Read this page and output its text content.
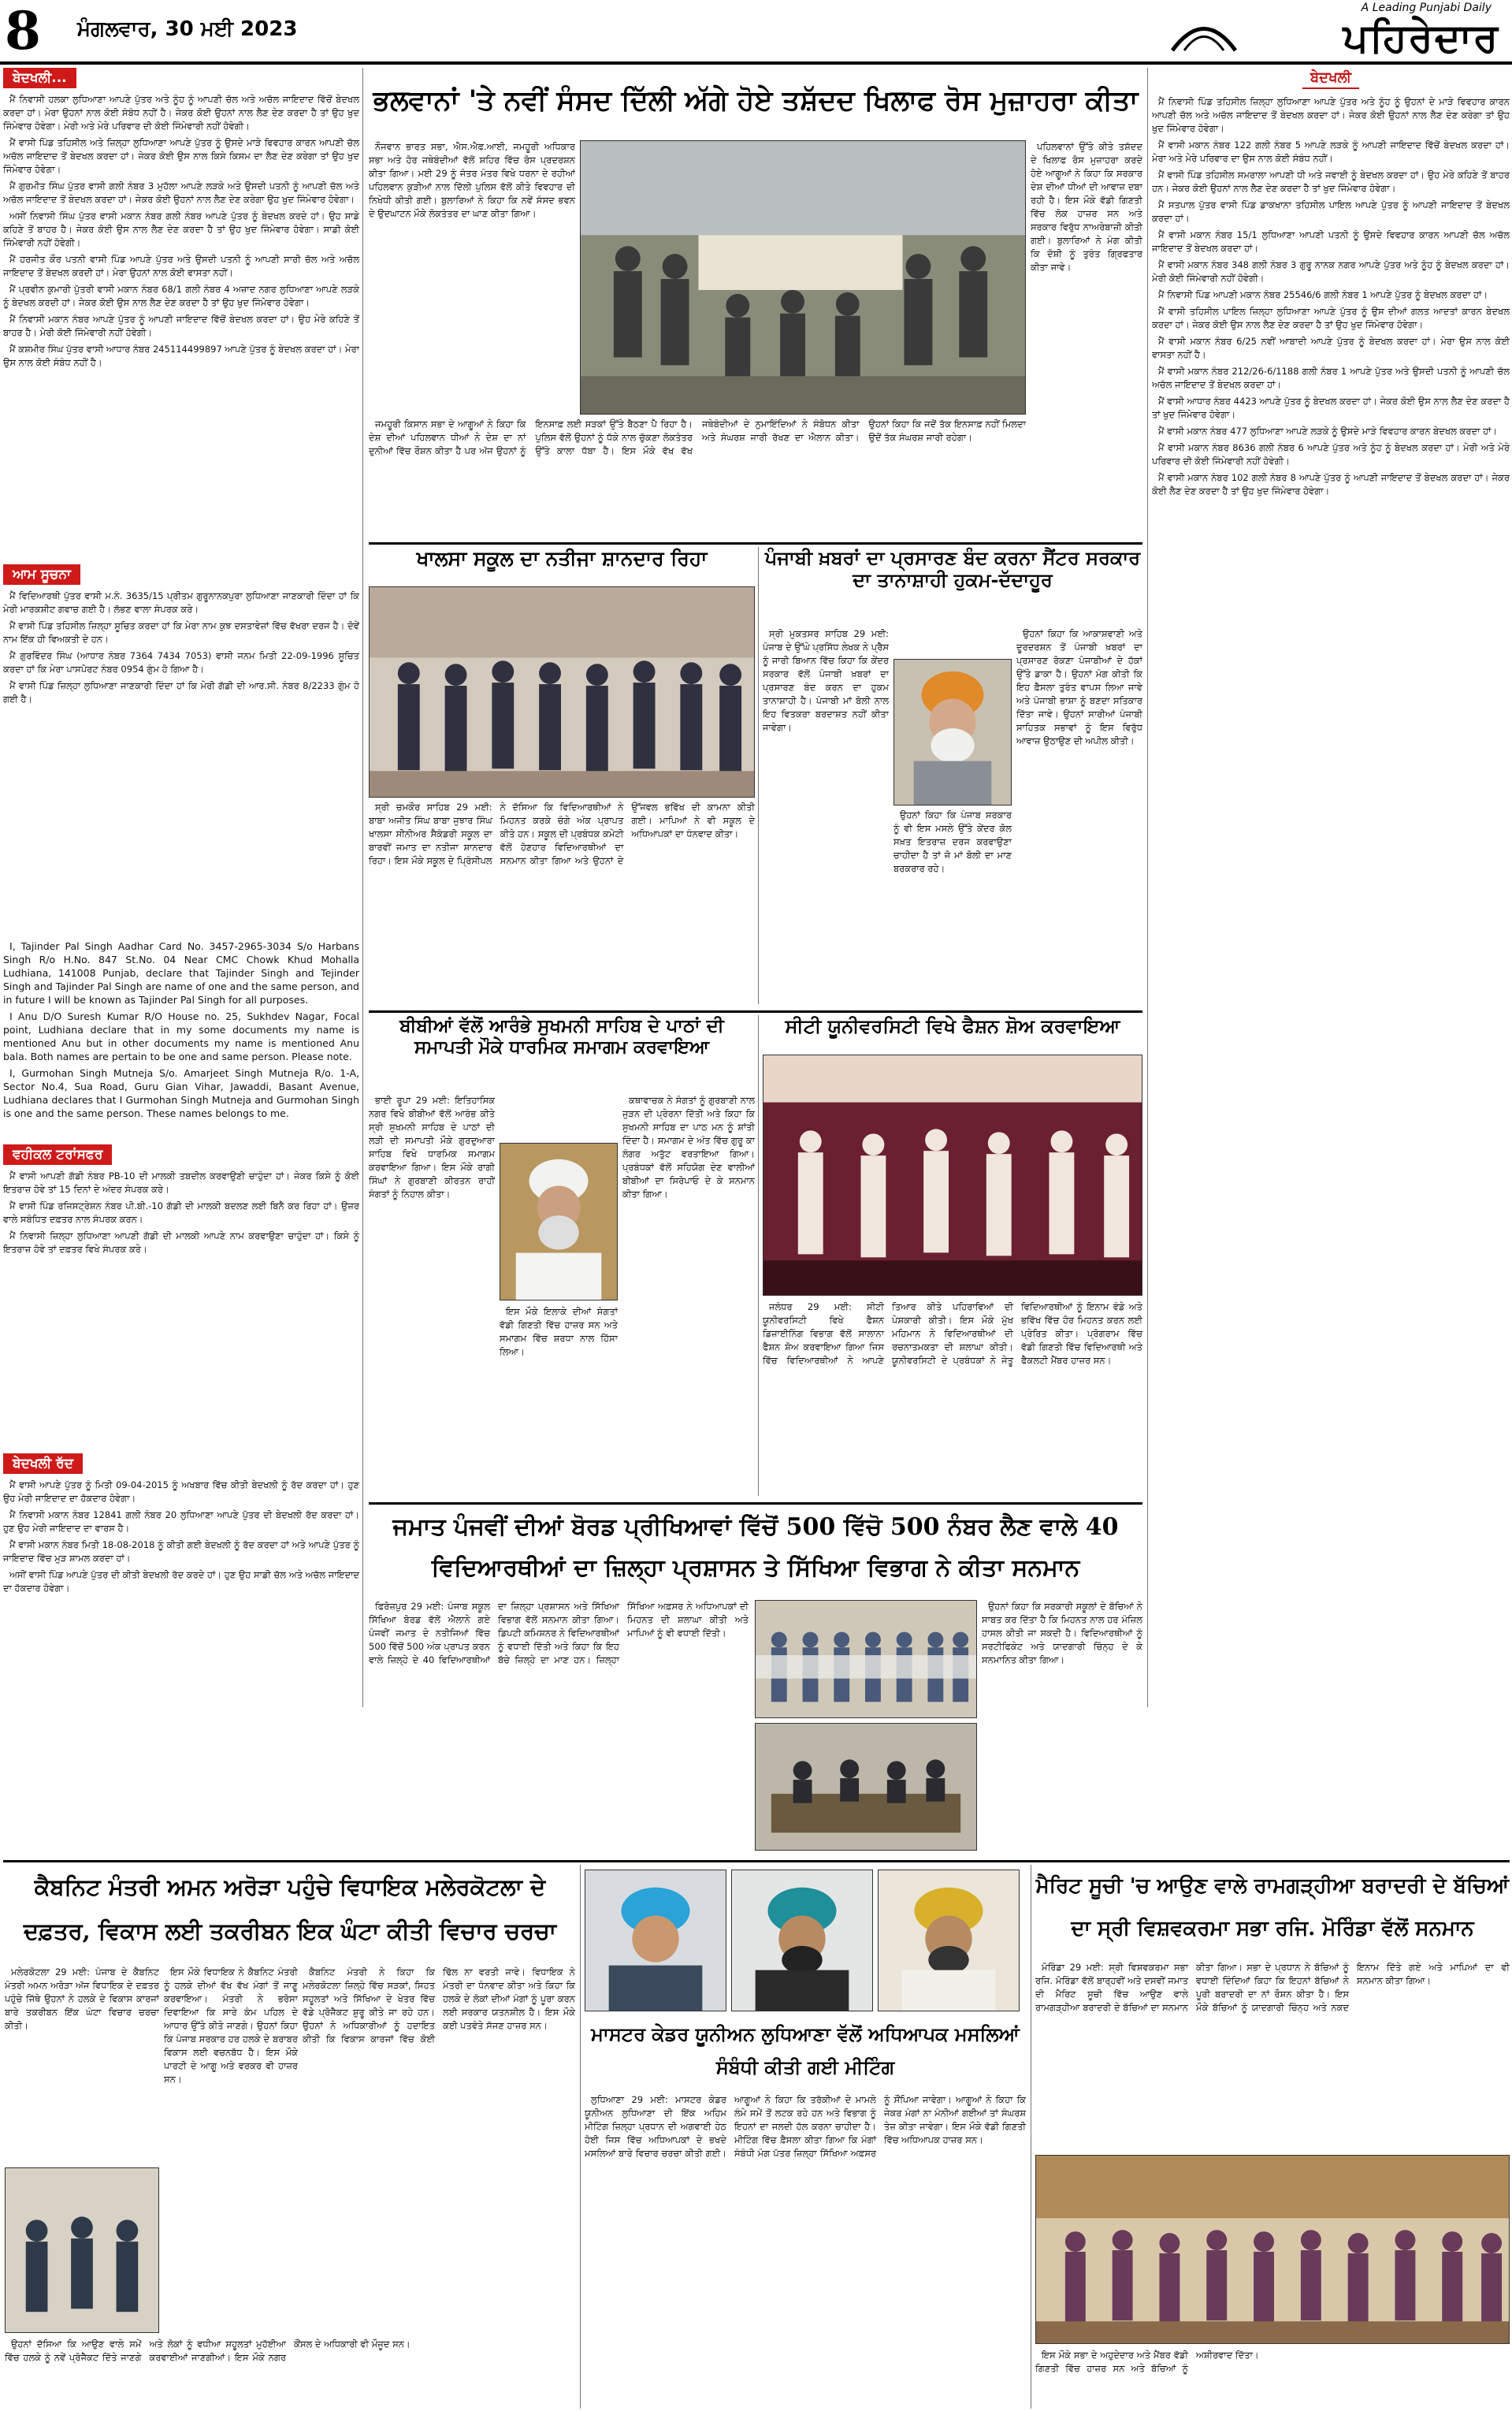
8 ਮੰਗਲਵਾਰ, 30 ਮਈ 2023
A Leading Punjabi Daily
ਪਹਿਰੇਦਾਰ
ਬੇਦਖਲੀ...

ਮੈਂ ਨਿਵਾਸੀ ਹਲਕਾ ਲੁਧਿਆਣਾ ਆਪਣੇ ਪੁੱਤਰ ਅਤੇ ਨੂੰਹ ਨੂੰ ਆਪਣੀ ਚੱਲ ਅਤੇ ਅਚੱਲ ਜਾਇਦਾਦ ਵਿੱਚੋਂ ਬੇਦਖਲ ਕਰਦਾ ਹਾਂ। ਮੇਰਾ ਉਹਨਾਂ ਨਾਲ ਕੋਈ ਸੰਬੰਧ ਨਹੀਂ ਹੈ। ਜੇਕਰ ਕੋਈ ਉਹਨਾਂ ਨਾਲ ਲੈਣ ਦੇਣ ਕਰਦਾ ਹੈ ਤਾਂ ਉਹ ਖੁਦ ਜਿੰਮੇਵਾਰ ਹੋਵੇਗਾ। ਮੇਰੀ ਅਤੇ ਮੇਰੇ ਪਰਿਵਾਰ ਦੀ ਕੋਈ ਜਿੰਮੇਵਾਰੀ ਨਹੀਂ ਹੋਵੇਗੀ।

ਮੈਂ ਵਾਸੀ ਪਿੰਡ ਤਹਿਸੀਲ ਅਤੇ ਜ਼ਿਲ੍ਹਾ ਲੁਧਿਆਣਾ ਆਪਣੇ ਪੁੱਤਰ ਨੂੰ ਉਸਦੇ ਮਾੜੇ ਵਿਵਹਾਰ ਕਾਰਨ ਆਪਣੀ ਚੱਲ ਅਚੱਲ ਜਾਇਦਾਦ ਤੋਂ ਬੇਦਖਲ ਕਰਦਾ ਹਾਂ। ਜੇਕਰ ਕੋਈ ਉਸ ਨਾਲ ਕਿਸੇ ਕਿਸਮ ਦਾ ਲੈਣ ਦੇਣ ਕਰੇਗਾ ਤਾਂ ਉਹ ਖੁਦ ਜਿੰਮੇਵਾਰ ਹੋਵੇਗਾ।

ਮੈਂ ਗੁਰਮੀਤ ਸਿੰਘ ਪੁੱਤਰ ਵਾਸੀ ਗਲੀ ਨੰਬਰ 3 ਮੁਹੱਲਾ ਆਪਣੇ ਲੜਕੇ ਅਤੇ ਉਸਦੀ ਪਤਨੀ ਨੂੰ ਆਪਣੀ ਚੱਲ ਅਤੇ ਅਚੱਲ ਜਾਇਦਾਦ ਤੋਂ ਬੇਦਖਲ ਕਰਦਾ ਹਾਂ। ਜੇਕਰ ਕੋਈ ਉਹਨਾਂ ਨਾਲ ਲੈਣ ਦੇਣ ਕਰੇਗਾ ਉਹ ਖੁਦ ਜਿੰਮੇਵਾਰ ਹੋਵੇਗਾ।

ਅਸੀਂ ਨਿਵਾਸੀ ਸਿੰਘ ਪੁੱਤਰ ਵਾਸੀ ਮਕਾਨ ਨੰਬਰ ਗਲੀ ਨੰਬਰ ਆਪਣੇ ਪੁੱਤਰ ਨੂੰ ਬੇਦਖਲ ਕਰਦੇ ਹਾਂ। ਉਹ ਸਾਡੇ ਕਹਿਣੇ ਤੋਂ ਬਾਹਰ ਹੈ। ਜੇਕਰ ਕੋਈ ਉਸ ਨਾਲ ਲੈਣ ਦੇਣ ਕਰਦਾ ਹੈ ਤਾਂ ਉਹ ਖੁਦ ਜਿੰਮੇਵਾਰ ਹੋਵੇਗਾ। ਸਾਡੀ ਕੋਈ ਜਿੰਮੇਵਾਰੀ ਨਹੀਂ ਹੋਵੇਗੀ।

ਮੈਂ ਹਰਜੀਤ ਕੌਰ ਪਤਨੀ ਵਾਸੀ ਪਿੰਡ ਆਪਣੇ ਪੁੱਤਰ ਅਤੇ ਉਸਦੀ ਪਤਨੀ ਨੂੰ ਆਪਣੀ ਸਾਰੀ ਚੱਲ ਅਤੇ ਅਚੱਲ ਜਾਇਦਾਦ ਤੋਂ ਬੇਦਖਲ ਕਰਦੀ ਹਾਂ। ਮੇਰਾ ਉਹਨਾਂ ਨਾਲ ਕੋਈ ਵਾਸਤਾ ਨਹੀਂ।

ਮੈਂ ਪ੍ਰਵੀਨ ਕੁਮਾਰੀ ਪੁੱਤਰੀ ਵਾਸੀ ਮਕਾਨ ਨੰਬਰ 68/1 ਗਲੀ ਨੰਬਰ 4 ਅਜ਼ਾਦ ਨਗਰ ਲੁਧਿਆਣਾ ਆਪਣੇ ਲੜਕੇ ਨੂੰ ਬੇਦਖਲ ਕਰਦੀ ਹਾਂ। ਜੇਕਰ ਕੋਈ ਉਸ ਨਾਲ ਲੈਣ ਦੇਣ ਕਰਦਾ ਹੈ ਤਾਂ ਉਹ ਖੁਦ ਜਿੰਮੇਵਾਰ ਹੋਵੇਗਾ।

ਮੈਂ ਨਿਵਾਸੀ ਮਕਾਨ ਨੰਬਰ ਆਪਣੇ ਪੁੱਤਰ ਨੂੰ ਆਪਣੀ ਜਾਇਦਾਦ ਵਿੱਚੋਂ ਬੇਦਖਲ ਕਰਦਾ ਹਾਂ। ਉਹ ਮੇਰੇ ਕਹਿਣੇ ਤੋਂ ਬਾਹਰ ਹੈ। ਮੇਰੀ ਕੋਈ ਜਿੰਮੇਵਾਰੀ ਨਹੀਂ ਹੋਵੇਗੀ।

ਮੈਂ ਕਸ਼ਮੀਰ ਸਿੰਘ ਪੁੱਤਰ ਵਾਸੀ ਆਧਾਰ ਨੰਬਰ 245114499897 ਆਪਣੇ ਪੁੱਤਰ ਨੂੰ ਬੇਦਖਲ ਕਰਦਾ ਹਾਂ। ਮੇਰਾ ਉਸ ਨਾਲ ਕੋਈ ਸੰਬੰਧ ਨਹੀਂ ਹੈ।

ਆਮ ਸੂਚਨਾ

ਮੈਂ ਵਿਦਿਆਰਥੀ ਪੁੱਤਰ ਵਾਸੀ ਮ.ਨੰ. 3635/15 ਪ੍ਰੀਤਮ ਗੁਰੂਨਾਨਕਪੁਰਾ ਲੁਧਿਆਣਾ ਜਾਣਕਾਰੀ ਦਿੰਦਾ ਹਾਂ ਕਿ ਮੇਰੀ ਮਾਰਕਸ਼ੀਟ ਗਵਾਚ ਗਈ ਹੈ। ਲੱਭਣ ਵਾਲਾ ਸੰਪਰਕ ਕਰੇ।

ਮੈਂ ਵਾਸੀ ਪਿੰਡ ਤਹਿਸੀਲ ਜ਼ਿਲ੍ਹਾ ਸੂਚਿਤ ਕਰਦਾ ਹਾਂ ਕਿ ਮੇਰਾ ਨਾਮ ਕੁਝ ਦਸਤਾਵੇਜ਼ਾਂ ਵਿੱਚ ਵੱਖਰਾ ਦਰਜ ਹੈ। ਦੋਵੇਂ ਨਾਮ ਇੱਕ ਹੀ ਵਿਅਕਤੀ ਦੇ ਹਨ।

ਮੈਂ ਗੁਰਵਿੰਦਰ ਸਿੰਘ (ਆਧਾਰ ਨੰਬਰ 7364 7434 7053) ਵਾਸੀ ਜਨਮ ਮਿਤੀ 22-09-1996 ਸੂਚਿਤ ਕਰਦਾ ਹਾਂ ਕਿ ਮੇਰਾ ਪਾਸਪੋਰਟ ਨੰਬਰ 0954 ਗੁੰਮ ਹੋ ਗਿਆ ਹੈ।

ਮੈਂ ਵਾਸੀ ਪਿੰਡ ਜ਼ਿਲ੍ਹਾ ਲੁਧਿਆਣਾ ਜਾਣਕਾਰੀ ਦਿੰਦਾ ਹਾਂ ਕਿ ਮੇਰੀ ਗੱਡੀ ਦੀ ਆਰ.ਸੀ. ਨੰਬਰ 8/2233 ਗੁੰਮ ਹੋ ਗਈ ਹੈ।

I, Tajinder Pal Singh Aadhar Card No. 3457-2965-3034 S/o Harbans Singh R/o H.No. 847 St.No. 04 Near CMC Chowk Khud Mohalla Ludhiana, 141008 Punjab, declare that Tajinder Singh and Tejinder Singh and Tajinder Pal Singh are name of one and the same person, and in future I will be known as Tajinder Pal Singh for all purposes.

I Anu D/O Suresh Kumar R/O House no. 25, Sukhdev Nagar, Focal point, Ludhiana declare that in my some documents my name is mentioned Anu but in other documents my name is mentioned Anu bala. Both names are pertain to be one and same person. Please note.

I, Gurmohan Singh Mutneja S/o. Amarjeet Singh Mutneja R/o. 1-A, Sector No.4, Sua Road, Guru Gian Vihar, Jawaddi, Basant Avenue, Ludhiana declares that I Gurmohan Singh Mutneja and Gurmohan Singh is one and the same person. These names belongs to me.

ਵਹੀਕਲ ਟਰਾਂਸਫਰ

ਮੈਂ ਵਾਸੀ ਆਪਣੀ ਗੱਡੀ ਨੰਬਰ PB-10 ਦੀ ਮਾਲਕੀ ਤਬਦੀਲ ਕਰਵਾਉਣੀ ਚਾਹੁੰਦਾ ਹਾਂ। ਜੇਕਰ ਕਿਸੇ ਨੂੰ ਕੋਈ ਇਤਰਾਜ਼ ਹੋਵੇ ਤਾਂ 15 ਦਿਨਾਂ ਦੇ ਅੰਦਰ ਸੰਪਰਕ ਕਰੇ।

ਮੈਂ ਵਾਸੀ ਪਿੰਡ ਰਜਿਸਟ੍ਰੇਸ਼ਨ ਨੰਬਰ ਪੀ.ਬੀ.-10 ਗੱਡੀ ਦੀ ਮਾਲਕੀ ਬਦਲਣ ਲਈ ਬਿਨੈ ਕਰ ਰਿਹਾ ਹਾਂ। ਉਜ਼ਰ ਵਾਲੇ ਸਬੰਧਿਤ ਦਫ਼ਤਰ ਨਾਲ ਸੰਪਰਕ ਕਰਨ।

ਮੈਂ ਨਿਵਾਸੀ ਜ਼ਿਲ੍ਹਾ ਲੁਧਿਆਣਾ ਆਪਣੀ ਗੱਡੀ ਦੀ ਮਾਲਕੀ ਆਪਣੇ ਨਾਮ ਕਰਵਾਉਣਾ ਚਾਹੁੰਦਾ ਹਾਂ। ਕਿਸੇ ਨੂੰ ਇਤਰਾਜ਼ ਹੋਵੇ ਤਾਂ ਦਫ਼ਤਰ ਵਿਖੇ ਸੰਪਰਕ ਕਰੇ।

ਬੇਦਖਲੀ ਰੱਦ

ਮੈਂ ਵਾਸੀ ਆਪਣੇ ਪੁੱਤਰ ਨੂੰ ਮਿਤੀ 09-04-2015 ਨੂੰ ਅਖਬਾਰ ਵਿੱਚ ਕੀਤੀ ਬੇਦਖਲੀ ਨੂੰ ਰੱਦ ਕਰਦਾ ਹਾਂ। ਹੁਣ ਉਹ ਮੇਰੀ ਜਾਇਦਾਦ ਦਾ ਹੱਕਦਾਰ ਹੋਵੇਗਾ।

ਮੈਂ ਨਿਵਾਸੀ ਮਕਾਨ ਨੰਬਰ 12841 ਗਲੀ ਨੰਬਰ 20 ਲੁਧਿਆਣਾ ਆਪਣੇ ਪੁੱਤਰ ਦੀ ਬੇਦਖਲੀ ਰੱਦ ਕਰਦਾ ਹਾਂ। ਹੁਣ ਉਹ ਮੇਰੀ ਜਾਇਦਾਦ ਦਾ ਵਾਰਸ ਹੈ।

ਮੈਂ ਵਾਸੀ ਮਕਾਨ ਨੰਬਰ ਮਿਤੀ 18-08-2018 ਨੂੰ ਕੀਤੀ ਗਈ ਬੇਦਖਲੀ ਨੂੰ ਰੱਦ ਕਰਦਾ ਹਾਂ ਅਤੇ ਆਪਣੇ ਪੁੱਤਰ ਨੂੰ ਜਾਇਦਾਦ ਵਿੱਚ ਮੁੜ ਸ਼ਾਮਲ ਕਰਦਾ ਹਾਂ।

ਅਸੀਂ ਵਾਸੀ ਪਿੰਡ ਆਪਣੇ ਪੁੱਤਰ ਦੀ ਕੀਤੀ ਬੇਦਖਲੀ ਰੱਦ ਕਰਦੇ ਹਾਂ। ਹੁਣ ਉਹ ਸਾਡੀ ਚੱਲ ਅਤੇ ਅਚੱਲ ਜਾਇਦਾਦ ਦਾ ਹੱਕਦਾਰ ਹੋਵੇਗਾ।

ਬੇਦਖਲੀ

ਮੈਂ ਨਿਵਾਸੀ ਪਿੰਡ ਤਹਿਸੀਲ ਜ਼ਿਲ੍ਹਾ ਲੁਧਿਆਣਾ ਆਪਣੇ ਪੁੱਤਰ ਅਤੇ ਨੂੰਹ ਨੂੰ ਉਹਨਾਂ ਦੇ ਮਾੜੇ ਵਿਵਹਾਰ ਕਾਰਨ ਆਪਣੀ ਚੱਲ ਅਤੇ ਅਚੱਲ ਜਾਇਦਾਦ ਤੋਂ ਬੇਦਖਲ ਕਰਦਾ ਹਾਂ। ਜੇਕਰ ਕੋਈ ਉਹਨਾਂ ਨਾਲ ਲੈਣ ਦੇਣ ਕਰੇਗਾ ਤਾਂ ਉਹ ਖੁਦ ਜਿੰਮੇਵਾਰ ਹੋਵੇਗਾ।

ਮੈਂ ਵਾਸੀ ਮਕਾਨ ਨੰਬਰ 122 ਗਲੀ ਨੰਬਰ 5 ਆਪਣੇ ਲੜਕੇ ਨੂੰ ਆਪਣੀ ਜਾਇਦਾਦ ਵਿੱਚੋਂ ਬੇਦਖਲ ਕਰਦਾ ਹਾਂ। ਮੇਰਾ ਅਤੇ ਮੇਰੇ ਪਰਿਵਾਰ ਦਾ ਉਸ ਨਾਲ ਕੋਈ ਸੰਬੰਧ ਨਹੀਂ।

ਮੈਂ ਵਾਸੀ ਪਿੰਡ ਤਹਿਸੀਲ ਸਮਰਾਲਾ ਆਪਣੀ ਧੀ ਅਤੇ ਜਵਾਈ ਨੂੰ ਬੇਦਖਲ ਕਰਦਾ ਹਾਂ। ਉਹ ਮੇਰੇ ਕਹਿਣੇ ਤੋਂ ਬਾਹਰ ਹਨ। ਜੇਕਰ ਕੋਈ ਉਹਨਾਂ ਨਾਲ ਲੈਣ ਦੇਣ ਕਰਦਾ ਹੈ ਤਾਂ ਖੁਦ ਜਿੰਮੇਵਾਰ ਹੋਵੇਗਾ।

ਮੈਂ ਸਤਪਾਲ ਪੁੱਤਰ ਵਾਸੀ ਪਿੰਡ ਡਾਕਖਾਨਾ ਤਹਿਸੀਲ ਪਾਇਲ ਆਪਣੇ ਪੁੱਤਰ ਨੂੰ ਆਪਣੀ ਜਾਇਦਾਦ ਤੋਂ ਬੇਦਖਲ ਕਰਦਾ ਹਾਂ।

ਮੈਂ ਵਾਸੀ ਮਕਾਨ ਨੰਬਰ 15/1 ਲੁਧਿਆਣਾ ਆਪਣੀ ਪਤਨੀ ਨੂੰ ਉਸਦੇ ਵਿਵਹਾਰ ਕਾਰਨ ਆਪਣੀ ਚੱਲ ਅਚੱਲ ਜਾਇਦਾਦ ਤੋਂ ਬੇਦਖਲ ਕਰਦਾ ਹਾਂ।

ਮੈਂ ਵਾਸੀ ਮਕਾਨ ਨੰਬਰ 348 ਗਲੀ ਨੰਬਰ 3 ਗੁਰੂ ਨਾਨਕ ਨਗਰ ਆਪਣੇ ਪੁੱਤਰ ਅਤੇ ਨੂੰਹ ਨੂੰ ਬੇਦਖਲ ਕਰਦਾ ਹਾਂ। ਮੇਰੀ ਕੋਈ ਜਿੰਮੇਵਾਰੀ ਨਹੀਂ ਹੋਵੇਗੀ।

ਮੈਂ ਨਿਵਾਸੀ ਪਿੰਡ ਆਪਣੀ ਮਕਾਨ ਨੰਬਰ 25546/6 ਗਲੀ ਨੰਬਰ 1 ਆਪਣੇ ਪੁੱਤਰ ਨੂੰ ਬੇਦਖਲ ਕਰਦਾ ਹਾਂ।

ਮੈਂ ਵਾਸੀ ਤਹਿਸੀਲ ਪਾਇਲ ਜ਼ਿਲ੍ਹਾ ਲੁਧਿਆਣਾ ਆਪਣੇ ਪੁੱਤਰ ਨੂੰ ਉਸ ਦੀਆਂ ਗਲਤ ਆਦਤਾਂ ਕਾਰਨ ਬੇਦਖਲ ਕਰਦਾ ਹਾਂ। ਜੇਕਰ ਕੋਈ ਉਸ ਨਾਲ ਲੈਣ ਦੇਣ ਕਰਦਾ ਹੈ ਤਾਂ ਉਹ ਖੁਦ ਜਿੰਮੇਵਾਰ ਹੋਵੇਗਾ।

ਮੈਂ ਵਾਸੀ ਮਕਾਨ ਨੰਬਰ 6/25 ਨਵੀਂ ਆਬਾਦੀ ਆਪਣੇ ਪੁੱਤਰ ਨੂੰ ਬੇਦਖਲ ਕਰਦਾ ਹਾਂ। ਮੇਰਾ ਉਸ ਨਾਲ ਕੋਈ ਵਾਸਤਾ ਨਹੀਂ ਹੈ।

ਮੈਂ ਵਾਸੀ ਮਕਾਨ ਨੰਬਰ 212/26-6/1188 ਗਲੀ ਨੰਬਰ 1 ਆਪਣੇ ਪੁੱਤਰ ਅਤੇ ਉਸਦੀ ਪਤਨੀ ਨੂੰ ਆਪਣੀ ਚੱਲ ਅਚੱਲ ਜਾਇਦਾਦ ਤੋਂ ਬੇਦਖਲ ਕਰਦਾ ਹਾਂ।

ਮੈਂ ਵਾਸੀ ਆਧਾਰ ਨੰਬਰ 4423 ਆਪਣੇ ਪੁੱਤਰ ਨੂੰ ਬੇਦਖਲ ਕਰਦਾ ਹਾਂ। ਜੇਕਰ ਕੋਈ ਉਸ ਨਾਲ ਲੈਣ ਦੇਣ ਕਰਦਾ ਹੈ ਤਾਂ ਖੁਦ ਜਿੰਮੇਵਾਰ ਹੋਵੇਗਾ।

ਮੈਂ ਵਾਸੀ ਮਕਾਨ ਨੰਬਰ 477 ਲੁਧਿਆਣਾ ਆਪਣੇ ਲੜਕੇ ਨੂੰ ਉਸਦੇ ਮਾੜੇ ਵਿਵਹਾਰ ਕਾਰਨ ਬੇਦਖਲ ਕਰਦਾ ਹਾਂ।

ਮੈਂ ਵਾਸੀ ਮਕਾਨ ਨੰਬਰ 8636 ਗਲੀ ਨੰਬਰ 6 ਆਪਣੇ ਪੁੱਤਰ ਅਤੇ ਨੂੰਹ ਨੂੰ ਬੇਦਖਲ ਕਰਦਾ ਹਾਂ। ਮੇਰੀ ਅਤੇ ਮੇਰੇ ਪਰਿਵਾਰ ਦੀ ਕੋਈ ਜਿੰਮੇਵਾਰੀ ਨਹੀਂ ਹੋਵੇਗੀ।

ਮੈਂ ਵਾਸੀ ਮਕਾਨ ਨੰਬਰ 102 ਗਲੀ ਨੰਬਰ 8 ਆਪਣੇ ਪੁੱਤਰ ਨੂੰ ਆਪਣੀ ਜਾਇਦਾਦ ਤੋਂ ਬੇਦਖਲ ਕਰਦਾ ਹਾਂ। ਜੇਕਰ ਕੋਈ ਲੈਣ ਦੇਣ ਕਰਦਾ ਹੈ ਤਾਂ ਉਹ ਖੁਦ ਜਿੰਮੇਵਾਰ ਹੋਵੇਗਾ।

ਭਲਵਾਨਾਂ 'ਤੇ ਨਵੀਂ ਸੰਸਦ ਦਿੱਲੀ ਅੱਗੇ ਹੋਏ ਤਸ਼ੱਦਦ ਖਿਲਾਫ ਰੋਸ ਮੁਜ਼ਾਹਰਾ ਕੀਤਾ

ਨੌਜਵਾਨ ਭਾਰਤ ਸਭਾ, ਐਸ.ਐਫ.ਆਈ, ਜਮਹੂਰੀ ਅਧਿਕਾਰ ਸਭਾ ਅਤੇ ਹੋਰ ਜਥੇਬੰਦੀਆਂ ਵੱਲੋਂ ਸ਼ਹਿਰ ਵਿੱਚ ਰੋਸ ਪ੍ਰਦਰਸ਼ਨ ਕੀਤਾ ਗਿਆ। ਮਈ 29 ਨੂੰ ਜੰਤਰ ਮੰਤਰ ਵਿਖੇ ਧਰਨਾ ਦੇ ਰਹੀਆਂ ਪਹਿਲਵਾਨ ਕੁੜੀਆਂ ਨਾਲ ਦਿੱਲੀ ਪੁਲਿਸ ਵੱਲੋਂ ਕੀਤੇ ਵਿਵਹਾਰ ਦੀ ਨਿਖੇਧੀ ਕੀਤੀ ਗਈ। ਬੁਲਾਰਿਆਂ ਨੇ ਕਿਹਾ ਕਿ ਨਵੇਂ ਸੰਸਦ ਭਵਨ ਦੇ ਉਦਘਾਟਨ ਮੌਕੇ ਲੋਕਤੰਤਰ ਦਾ ਘਾਣ ਕੀਤਾ ਗਿਆ।

ਪਹਿਲਵਾਨਾਂ ਉੱਤੇ ਕੀਤੇ ਤਸ਼ੱਦਦ ਦੇ ਖਿਲਾਫ ਰੋਸ ਮੁਜ਼ਾਹਰਾ ਕਰਦੇ ਹੋਏ ਆਗੂਆਂ ਨੇ ਕਿਹਾ ਕਿ ਸਰਕਾਰ ਦੇਸ਼ ਦੀਆਂ ਧੀਆਂ ਦੀ ਆਵਾਜ਼ ਦਬਾ ਰਹੀ ਹੈ। ਇਸ ਮੌਕੇ ਵੱਡੀ ਗਿਣਤੀ ਵਿੱਚ ਲੋਕ ਹਾਜ਼ਰ ਸਨ ਅਤੇ ਸਰਕਾਰ ਵਿਰੁੱਧ ਨਾਅਰੇਬਾਜ਼ੀ ਕੀਤੀ ਗਈ। ਬੁਲਾਰਿਆਂ ਨੇ ਮੰਗ ਕੀਤੀ ਕਿ ਦੋਸ਼ੀ ਨੂੰ ਤੁਰੰਤ ਗ੍ਰਿਫਤਾਰ ਕੀਤਾ ਜਾਵੇ।

ਜਮਹੂਰੀ ਕਿਸਾਨ ਸਭਾ ਦੇ ਆਗੂਆਂ ਨੇ ਕਿਹਾ ਕਿ ਦੇਸ਼ ਦੀਆਂ ਪਹਿਲਵਾਨ ਧੀਆਂ ਨੇ ਦੇਸ਼ ਦਾ ਨਾਂ ਦੁਨੀਆਂ ਵਿੱਚ ਰੌਸ਼ਨ ਕੀਤਾ ਹੈ ਪਰ ਅੱਜ ਉਹਨਾਂ ਨੂੰ ਇਨਸਾਫ਼ ਲਈ ਸੜਕਾਂ ਉੱਤੇ ਬੈਠਣਾ ਪੈ ਰਿਹਾ ਹੈ। ਪੁਲਿਸ ਵੱਲੋਂ ਉਹਨਾਂ ਨੂੰ ਧੱਕੇ ਨਾਲ ਚੁੱਕਣਾ ਲੋਕਤੰਤਰ ਉੱਤੇ ਕਾਲਾ ਧੱਬਾ ਹੈ। ਇਸ ਮੌਕੇ ਵੱਖ ਵੱਖ ਜਥੇਬੰਦੀਆਂ ਦੇ ਨੁਮਾਇੰਦਿਆਂ ਨੇ ਸੰਬੋਧਨ ਕੀਤਾ ਅਤੇ ਸੰਘਰਸ਼ ਜਾਰੀ ਰੱਖਣ ਦਾ ਐਲਾਨ ਕੀਤਾ। ਉਹਨਾਂ ਕਿਹਾ ਕਿ ਜਦੋਂ ਤੱਕ ਇਨਸਾਫ਼ ਨਹੀਂ ਮਿਲਦਾ ਉਦੋਂ ਤੱਕ ਸੰਘਰਸ਼ ਜਾਰੀ ਰਹੇਗਾ।

ਖਾਲਸਾ ਸਕੂਲ ਦਾ ਨਤੀਜਾ ਸ਼ਾਨਦਾਰ ਰਿਹਾ

ਸ੍ਰੀ ਚਮਕੌਰ ਸਾਹਿਬ 29 ਮਈ: ਬਾਬਾ ਅਜੀਤ ਸਿੰਘ ਬਾਬਾ ਜੁਝਾਰ ਸਿੰਘ ਖਾਲਸਾ ਸੀਨੀਅਰ ਸੈਕੰਡਰੀ ਸਕੂਲ ਦਾ ਬਾਰਵੀਂ ਜਮਾਤ ਦਾ ਨਤੀਜਾ ਸ਼ਾਨਦਾਰ ਰਿਹਾ। ਇਸ ਮੌਕੇ ਸਕੂਲ ਦੇ ਪ੍ਰਿੰਸੀਪਲ ਨੇ ਦੱਸਿਆ ਕਿ ਵਿਦਿਆਰਥੀਆਂ ਨੇ ਮਿਹਨਤ ਕਰਕੇ ਚੰਗੇ ਅੰਕ ਪ੍ਰਾਪਤ ਕੀਤੇ ਹਨ। ਸਕੂਲ ਦੀ ਪ੍ਰਬੰਧਕ ਕਮੇਟੀ ਵੱਲੋਂ ਹੋਣਹਾਰ ਵਿਦਿਆਰਥੀਆਂ ਦਾ ਸਨਮਾਨ ਕੀਤਾ ਗਿਆ ਅਤੇ ਉਹਨਾਂ ਦੇ ਉੱਜਵਲ ਭਵਿੱਖ ਦੀ ਕਾਮਨਾ ਕੀਤੀ ਗਈ। ਮਾਪਿਆਂ ਨੇ ਵੀ ਸਕੂਲ ਦੇ ਅਧਿਆਪਕਾਂ ਦਾ ਧੰਨਵਾਦ ਕੀਤਾ।

ਪੰਜਾਬੀ ਖ਼ਬਰਾਂ ਦਾ ਪ੍ਰਸਾਰਣ ਬੰਦ ਕਰਨਾ ਸੈਂਟਰ ਸਰਕਾਰ ਦਾ ਤਾਨਾਸ਼ਾਹੀ ਹੁਕਮ-ਦੱਦਾਹੂਰ

ਸ੍ਰੀ ਮੁਕਤਸਰ ਸਾਹਿਬ 29 ਮਈ: ਪੰਜਾਬ ਦੇ ਉੱਘੇ ਪ੍ਰਸਿੱਧ ਲੇਖਕ ਨੇ ਪ੍ਰੈਸ ਨੂੰ ਜਾਰੀ ਬਿਆਨ ਵਿੱਚ ਕਿਹਾ ਕਿ ਕੇਂਦਰ ਸਰਕਾਰ ਵੱਲੋਂ ਪੰਜਾਬੀ ਖ਼ਬਰਾਂ ਦਾ ਪ੍ਰਸਾਰਣ ਬੰਦ ਕਰਨ ਦਾ ਹੁਕਮ ਤਾਨਾਸ਼ਾਹੀ ਹੈ। ਪੰਜਾਬੀ ਮਾਂ ਬੋਲੀ ਨਾਲ ਇਹ ਵਿਤਕਰਾ ਬਰਦਾਸ਼ਤ ਨਹੀਂ ਕੀਤਾ ਜਾਵੇਗਾ।

ਉਹਨਾਂ ਕਿਹਾ ਕਿ ਆਕਾਸ਼ਵਾਣੀ ਅਤੇ ਦੂਰਦਰਸ਼ਨ ਤੋਂ ਪੰਜਾਬੀ ਖ਼ਬਰਾਂ ਦਾ ਪ੍ਰਸਾਰਣ ਰੋਕਣਾ ਪੰਜਾਬੀਆਂ ਦੇ ਹੱਕਾਂ ਉੱਤੇ ਡਾਕਾ ਹੈ। ਉਹਨਾਂ ਮੰਗ ਕੀਤੀ ਕਿ ਇਹ ਫ਼ੈਸਲਾ ਤੁਰੰਤ ਵਾਪਸ ਲਿਆ ਜਾਵੇ ਅਤੇ ਪੰਜਾਬੀ ਭਾਸ਼ਾ ਨੂੰ ਬਣਦਾ ਸਤਿਕਾਰ ਦਿੱਤਾ ਜਾਵੇ। ਉਹਨਾਂ ਸਾਰੀਆਂ ਪੰਜਾਬੀ ਸਾਹਿਤਕ ਸਭਾਵਾਂ ਨੂੰ ਇਸ ਵਿਰੁੱਧ ਆਵਾਜ਼ ਉਠਾਉਣ ਦੀ ਅਪੀਲ ਕੀਤੀ।

ਉਹਨਾਂ ਕਿਹਾ ਕਿ ਪੰਜਾਬ ਸਰਕਾਰ ਨੂੰ ਵੀ ਇਸ ਮਸਲੇ ਉੱਤੇ ਕੇਂਦਰ ਕੋਲ ਸਖ਼ਤ ਇਤਰਾਜ਼ ਦਰਜ ਕਰਵਾਉਣਾ ਚਾਹੀਦਾ ਹੈ ਤਾਂ ਜੋ ਮਾਂ ਬੋਲੀ ਦਾ ਮਾਣ ਬਰਕਰਾਰ ਰਹੇ।

ਬੀਬੀਆਂ ਵੱਲੋਂ ਆਰੰਭੇ ਸੁਖਮਨੀ ਸਾਹਿਬ ਦੇ ਪਾਠਾਂ ਦੀ ਸਮਾਪਤੀ ਮੌਕੇ ਧਾਰਮਿਕ ਸਮਾਗਮ ਕਰਵਾਇਆ

ਭਾਈ ਰੂਪਾ 29 ਮਈ: ਇਤਿਹਾਸਿਕ ਨਗਰ ਵਿਖੇ ਬੀਬੀਆਂ ਵੱਲੋਂ ਆਰੰਭ ਕੀਤੇ ਸ੍ਰੀ ਸੁਖਮਨੀ ਸਾਹਿਬ ਦੇ ਪਾਠਾਂ ਦੀ ਲੜੀ ਦੀ ਸਮਾਪਤੀ ਮੌਕੇ ਗੁਰਦੁਆਰਾ ਸਾਹਿਬ ਵਿਖੇ ਧਾਰਮਿਕ ਸਮਾਗਮ ਕਰਵਾਇਆ ਗਿਆ। ਇਸ ਮੌਕੇ ਰਾਗੀ ਸਿੰਘਾਂ ਨੇ ਗੁਰਬਾਣੀ ਕੀਰਤਨ ਰਾਹੀਂ ਸੰਗਤਾਂ ਨੂੰ ਨਿਹਾਲ ਕੀਤਾ।

ਕਥਾਵਾਚਕ ਨੇ ਸੰਗਤਾਂ ਨੂੰ ਗੁਰਬਾਣੀ ਨਾਲ ਜੁੜਨ ਦੀ ਪ੍ਰੇਰਨਾ ਦਿੱਤੀ ਅਤੇ ਕਿਹਾ ਕਿ ਸੁਖਮਨੀ ਸਾਹਿਬ ਦਾ ਪਾਠ ਮਨ ਨੂੰ ਸ਼ਾਂਤੀ ਦਿੰਦਾ ਹੈ। ਸਮਾਗਮ ਦੇ ਅੰਤ ਵਿੱਚ ਗੁਰੂ ਕਾ ਲੰਗਰ ਅਤੁੱਟ ਵਰਤਾਇਆ ਗਿਆ। ਪ੍ਰਬੰਧਕਾਂ ਵੱਲੋਂ ਸਹਿਯੋਗ ਦੇਣ ਵਾਲੀਆਂ ਬੀਬੀਆਂ ਦਾ ਸਿਰੋਪਾਓ ਦੇ ਕੇ ਸਨਮਾਨ ਕੀਤਾ ਗਿਆ।

ਇਸ ਮੌਕੇ ਇਲਾਕੇ ਦੀਆਂ ਸੰਗਤਾਂ ਵੱਡੀ ਗਿਣਤੀ ਵਿੱਚ ਹਾਜ਼ਰ ਸਨ ਅਤੇ ਸਮਾਗਮ ਵਿੱਚ ਸ਼ਰਧਾ ਨਾਲ ਹਿੱਸਾ ਲਿਆ।

ਸੀਟੀ ਯੂਨੀਵਰਸਿਟੀ ਵਿਖੇ ਫੈਸ਼ਨ ਸ਼ੋਅ ਕਰਵਾਇਆ

ਜਲੰਧਰ 29 ਮਈ: ਸੀਟੀ ਯੂਨੀਵਰਸਿਟੀ ਵਿਖੇ ਫੈਸ਼ਨ ਡਿਜ਼ਾਈਨਿੰਗ ਵਿਭਾਗ ਵੱਲੋਂ ਸਾਲਾਨਾ ਫੈਸ਼ਨ ਸ਼ੋਅ ਕਰਵਾਇਆ ਗਿਆ ਜਿਸ ਵਿੱਚ ਵਿਦਿਆਰਥੀਆਂ ਨੇ ਆਪਣੇ ਤਿਆਰ ਕੀਤੇ ਪਹਿਰਾਵਿਆਂ ਦੀ ਪੇਸ਼ਕਾਰੀ ਕੀਤੀ। ਇਸ ਮੌਕੇ ਮੁੱਖ ਮਹਿਮਾਨ ਨੇ ਵਿਦਿਆਰਥੀਆਂ ਦੀ ਰਚਨਾਤਮਕਤਾ ਦੀ ਸ਼ਲਾਘਾ ਕੀਤੀ। ਯੂਨੀਵਰਸਿਟੀ ਦੇ ਪ੍ਰਬੰਧਕਾਂ ਨੇ ਜੇਤੂ ਵਿਦਿਆਰਥੀਆਂ ਨੂੰ ਇਨਾਮ ਵੰਡੇ ਅਤੇ ਭਵਿੱਖ ਵਿੱਚ ਹੋਰ ਮਿਹਨਤ ਕਰਨ ਲਈ ਪ੍ਰੇਰਿਤ ਕੀਤਾ। ਪ੍ਰੋਗਰਾਮ ਵਿੱਚ ਵੱਡੀ ਗਿਣਤੀ ਵਿੱਚ ਵਿਦਿਆਰਥੀ ਅਤੇ ਫੈਕਲਟੀ ਮੈਂਬਰ ਹਾਜ਼ਰ ਸਨ।

ਜਮਾਤ ਪੰਜਵੀਂ ਦੀਆਂ ਬੋਰਡ ਪ੍ਰੀਖਿਆਵਾਂ ਵਿੱਚੋਂ 500 ਵਿੱਚੋ 500 ਨੰਬਰ ਲੈਣ ਵਾਲੇ 40 ਵਿਦਿਆਰਥੀਆਂ ਦਾ ਜ਼ਿਲ੍ਹਾ ਪ੍ਰਸ਼ਾਸਨ ਤੇ ਸਿੱਖਿਆ ਵਿਭਾਗ ਨੇ ਕੀਤਾ ਸਨਮਾਨ

ਫਿਰੋਜ਼ਪੁਰ 29 ਮਈ: ਪੰਜਾਬ ਸਕੂਲ ਸਿੱਖਿਆ ਬੋਰਡ ਵੱਲੋਂ ਐਲਾਨੇ ਗਏ ਪੰਜਵੀਂ ਜਮਾਤ ਦੇ ਨਤੀਜਿਆਂ ਵਿੱਚ 500 ਵਿੱਚੋਂ 500 ਅੰਕ ਪ੍ਰਾਪਤ ਕਰਨ ਵਾਲੇ ਜ਼ਿਲ੍ਹੇ ਦੇ 40 ਵਿਦਿਆਰਥੀਆਂ ਦਾ ਜ਼ਿਲ੍ਹਾ ਪ੍ਰਸ਼ਾਸਨ ਅਤੇ ਸਿੱਖਿਆ ਵਿਭਾਗ ਵੱਲੋਂ ਸਨਮਾਨ ਕੀਤਾ ਗਿਆ। ਡਿਪਟੀ ਕਮਿਸ਼ਨਰ ਨੇ ਵਿਦਿਆਰਥੀਆਂ ਨੂੰ ਵਧਾਈ ਦਿੱਤੀ ਅਤੇ ਕਿਹਾ ਕਿ ਇਹ ਬੱਚੇ ਜ਼ਿਲ੍ਹੇ ਦਾ ਮਾਣ ਹਨ। ਜ਼ਿਲ੍ਹਾ ਸਿੱਖਿਆ ਅਫ਼ਸਰ ਨੇ ਅਧਿਆਪਕਾਂ ਦੀ ਮਿਹਨਤ ਦੀ ਸ਼ਲਾਘਾ ਕੀਤੀ ਅਤੇ ਮਾਪਿਆਂ ਨੂੰ ਵੀ ਵਧਾਈ ਦਿੱਤੀ।

ਉਹਨਾਂ ਕਿਹਾ ਕਿ ਸਰਕਾਰੀ ਸਕੂਲਾਂ ਦੇ ਬੱਚਿਆਂ ਨੇ ਸਾਬਤ ਕਰ ਦਿੱਤਾ ਹੈ ਕਿ ਮਿਹਨਤ ਨਾਲ ਹਰ ਮੰਜ਼ਿਲ ਹਾਸਲ ਕੀਤੀ ਜਾ ਸਕਦੀ ਹੈ। ਵਿਦਿਆਰਥੀਆਂ ਨੂੰ ਸਰਟੀਫਿਕੇਟ ਅਤੇ ਯਾਦਗਾਰੀ ਚਿੰਨ੍ਹ ਦੇ ਕੇ ਸਨਮਾਨਿਤ ਕੀਤਾ ਗਿਆ।

ਕੈਬਨਿਟ ਮੰਤਰੀ ਅਮਨ ਅਰੋੜਾ ਪਹੁੰਚੇ ਵਿਧਾਇਕ ਮਲੇਰਕੋਟਲਾ ਦੇ ਦਫ਼ਤਰ, ਵਿਕਾਸ ਲਈ ਤਕਰੀਬਨ ਇਕ ਘੰਟਾ ਕੀਤੀ ਵਿਚਾਰ ਚਰਚਾ

ਮਲੇਰਕੋਟਲਾ 29 ਮਈ: ਪੰਜਾਬ ਦੇ ਕੈਬਨਿਟ ਮੰਤਰੀ ਅਮਨ ਅਰੋੜਾ ਅੱਜ ਵਿਧਾਇਕ ਦੇ ਦਫ਼ਤਰ ਪਹੁੰਚੇ ਜਿੱਥੇ ਉਹਨਾਂ ਨੇ ਹਲਕੇ ਦੇ ਵਿਕਾਸ ਕਾਰਜਾਂ ਬਾਰੇ ਤਕਰੀਬਨ ਇੱਕ ਘੰਟਾ ਵਿਚਾਰ ਚਰਚਾ ਕੀਤੀ।

ਇਸ ਮੌਕੇ ਵਿਧਾਇਕ ਨੇ ਕੈਬਨਿਟ ਮੰਤਰੀ ਨੂੰ ਹਲਕੇ ਦੀਆਂ ਵੱਖ ਵੱਖ ਮੰਗਾਂ ਤੋਂ ਜਾਣੂ ਕਰਵਾਇਆ। ਮੰਤਰੀ ਨੇ ਭਰੋਸਾ ਦਿਵਾਇਆ ਕਿ ਸਾਰੇ ਕੰਮ ਪਹਿਲ ਦੇ ਆਧਾਰ ਉੱਤੇ ਕੀਤੇ ਜਾਣਗੇ। ਉਹਨਾਂ ਕਿਹਾ ਕਿ ਪੰਜਾਬ ਸਰਕਾਰ ਹਰ ਹਲਕੇ ਦੇ ਬਰਾਬਰ ਵਿਕਾਸ ਲਈ ਵਚਨਬੱਧ ਹੈ। ਇਸ ਮੌਕੇ ਪਾਰਟੀ ਦੇ ਆਗੂ ਅਤੇ ਵਰਕਰ ਵੀ ਹਾਜ਼ਰ ਸਨ।

ਕੈਬਨਿਟ ਮੰਤਰੀ ਨੇ ਕਿਹਾ ਕਿ ਮਲੇਰਕੋਟਲਾ ਜ਼ਿਲ੍ਹੇ ਵਿੱਚ ਸੜਕਾਂ, ਸਿਹਤ ਸਹੂਲਤਾਂ ਅਤੇ ਸਿੱਖਿਆ ਦੇ ਖੇਤਰ ਵਿੱਚ ਵੱਡੇ ਪ੍ਰੋਜੈਕਟ ਸ਼ੁਰੂ ਕੀਤੇ ਜਾ ਰਹੇ ਹਨ। ਉਹਨਾਂ ਨੇ ਅਧਿਕਾਰੀਆਂ ਨੂੰ ਹਦਾਇਤ ਕੀਤੀ ਕਿ ਵਿਕਾਸ ਕਾਰਜਾਂ ਵਿੱਚ ਕੋਈ ਢਿੱਲ ਨਾ ਵਰਤੀ ਜਾਵੇ। ਵਿਧਾਇਕ ਨੇ ਮੰਤਰੀ ਦਾ ਧੰਨਵਾਦ ਕੀਤਾ ਅਤੇ ਕਿਹਾ ਕਿ ਹਲਕੇ ਦੇ ਲੋਕਾਂ ਦੀਆਂ ਮੰਗਾਂ ਨੂੰ ਪੂਰਾ ਕਰਨ ਲਈ ਸਰਕਾਰ ਯਤਨਸ਼ੀਲ ਹੈ। ਇਸ ਮੌਕੇ ਕਈ ਪਤਵੰਤੇ ਸੱਜਣ ਹਾਜ਼ਰ ਸਨ।

ਉਹਨਾਂ ਦੱਸਿਆ ਕਿ ਆਉਣ ਵਾਲੇ ਸਮੇਂ ਵਿੱਚ ਹਲਕੇ ਨੂੰ ਨਵੇਂ ਪ੍ਰੋਜੈਕਟ ਦਿੱਤੇ ਜਾਣਗੇ ਅਤੇ ਲੋਕਾਂ ਨੂੰ ਵਧੀਆ ਸਹੂਲਤਾਂ ਮੁਹੱਈਆ ਕਰਵਾਈਆਂ ਜਾਣਗੀਆਂ। ਇਸ ਮੌਕੇ ਨਗਰ ਕੌਂਸਲ ਦੇ ਅਧਿਕਾਰੀ ਵੀ ਮੌਜੂਦ ਸਨ।

ਮਾਸਟਰ ਕੇਡਰ ਯੂਨੀਅਨ ਲੁਧਿਆਣਾ ਵੱਲੋਂ ਅਧਿਆਪਕ ਮਸਲਿਆਂ ਸੰਬੰਧੀ ਕੀਤੀ ਗਈ ਮੀਟਿੰਗ

ਲੁਧਿਆਣਾ 29 ਮਈ: ਮਾਸਟਰ ਕੇਡਰ ਯੂਨੀਅਨ ਲੁਧਿਆਣਾ ਦੀ ਇੱਕ ਅਹਿਮ ਮੀਟਿੰਗ ਜ਼ਿਲ੍ਹਾ ਪ੍ਰਧਾਨ ਦੀ ਅਗਵਾਈ ਹੇਠ ਹੋਈ ਜਿਸ ਵਿੱਚ ਅਧਿਆਪਕਾਂ ਦੇ ਭਖਦੇ ਮਸਲਿਆਂ ਬਾਰੇ ਵਿਚਾਰ ਚਰਚਾ ਕੀਤੀ ਗਈ। ਆਗੂਆਂ ਨੇ ਕਿਹਾ ਕਿ ਤਰੱਕੀਆਂ ਦੇ ਮਾਮਲੇ ਲੰਮੇ ਸਮੇਂ ਤੋਂ ਲਟਕ ਰਹੇ ਹਨ ਅਤੇ ਵਿਭਾਗ ਨੂੰ ਇਹਨਾਂ ਦਾ ਜਲਦੀ ਹੱਲ ਕਰਨਾ ਚਾਹੀਦਾ ਹੈ। ਮੀਟਿੰਗ ਵਿੱਚ ਫ਼ੈਸਲਾ ਕੀਤਾ ਗਿਆ ਕਿ ਮੰਗਾਂ ਸੰਬੰਧੀ ਮੰਗ ਪੱਤਰ ਜ਼ਿਲ੍ਹਾ ਸਿੱਖਿਆ ਅਫ਼ਸਰ ਨੂੰ ਸੌਂਪਿਆ ਜਾਵੇਗਾ। ਆਗੂਆਂ ਨੇ ਕਿਹਾ ਕਿ ਜੇਕਰ ਮੰਗਾਂ ਨਾ ਮੰਨੀਆਂ ਗਈਆਂ ਤਾਂ ਸੰਘਰਸ਼ ਤੇਜ਼ ਕੀਤਾ ਜਾਵੇਗਾ। ਇਸ ਮੌਕੇ ਵੱਡੀ ਗਿਣਤੀ ਵਿੱਚ ਅਧਿਆਪਕ ਹਾਜ਼ਰ ਸਨ।

ਮੈਰਿਟ ਸੂਚੀ 'ਚ ਆਉਣ ਵਾਲੇ ਰਾਮਗੜ੍ਹੀਆ ਬਰਾਦਰੀ ਦੇ ਬੱਚਿਆਂ ਦਾ ਸ੍ਰੀ ਵਿਸ਼ਵਕਰਮਾ ਸਭਾ ਰਜਿ. ਮੋਰਿੰਡਾ ਵੱਲੋਂ ਸਨਮਾਨ

ਮੋਰਿੰਡਾ 29 ਮਈ: ਸ੍ਰੀ ਵਿਸ਼ਵਕਰਮਾ ਸਭਾ ਰਜਿ. ਮੋਰਿੰਡਾ ਵੱਲੋਂ ਬਾਰ੍ਹਵੀਂ ਅਤੇ ਦਸਵੀਂ ਜਮਾਤ ਦੀ ਮੈਰਿਟ ਸੂਚੀ ਵਿੱਚ ਆਉਣ ਵਾਲੇ ਰਾਮਗੜ੍ਹੀਆ ਬਰਾਦਰੀ ਦੇ ਬੱਚਿਆਂ ਦਾ ਸਨਮਾਨ ਕੀਤਾ ਗਿਆ। ਸਭਾ ਦੇ ਪ੍ਰਧਾਨ ਨੇ ਬੱਚਿਆਂ ਨੂੰ ਵਧਾਈ ਦਿੰਦਿਆਂ ਕਿਹਾ ਕਿ ਇਹਨਾਂ ਬੱਚਿਆਂ ਨੇ ਪੂਰੀ ਬਰਾਦਰੀ ਦਾ ਨਾਂ ਰੌਸ਼ਨ ਕੀਤਾ ਹੈ। ਇਸ ਮੌਕੇ ਬੱਚਿਆਂ ਨੂੰ ਯਾਦਗਾਰੀ ਚਿੰਨ੍ਹ ਅਤੇ ਨਕਦ ਇਨਾਮ ਦਿੱਤੇ ਗਏ ਅਤੇ ਮਾਪਿਆਂ ਦਾ ਵੀ ਸਨਮਾਨ ਕੀਤਾ ਗਿਆ।

ਇਸ ਮੌਕੇ ਸਭਾ ਦੇ ਅਹੁਦੇਦਾਰ ਅਤੇ ਮੈਂਬਰ ਵੱਡੀ ਗਿਣਤੀ ਵਿੱਚ ਹਾਜ਼ਰ ਸਨ ਅਤੇ ਬੱਚਿਆਂ ਨੂੰ ਅਸ਼ੀਰਵਾਦ ਦਿੱਤਾ।
